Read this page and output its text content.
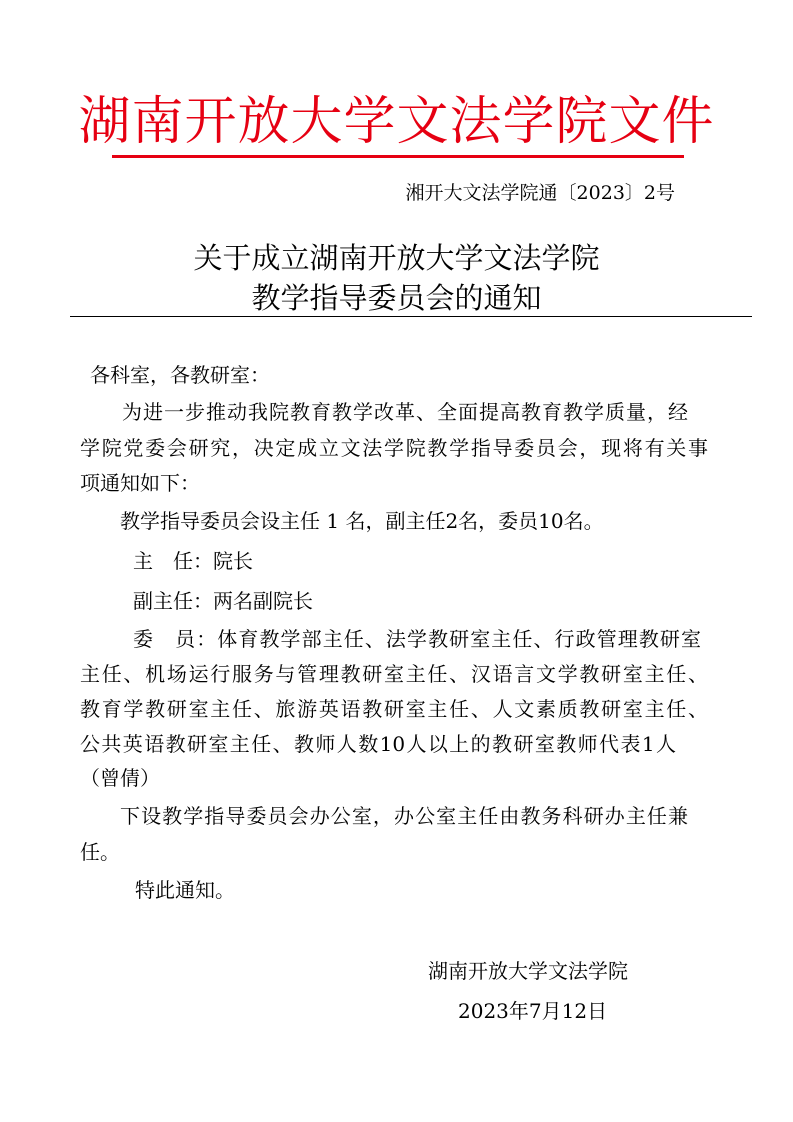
湖南开放大学文法学院文件
湘开大文法学院通〔2023〕2号
关于成立湖南开放大学文法学院
教学指导委员会的通知
各科室，各教研室：
为进一步推动我院教育教学改革、全面提高教育教学质量，经
学院党委会研究，决定成立文法学院教学指导委员会，现将有关事
项通知如下：
教学指导委员会设主任 1 名，副主任2名，委员10名。
主　任：院长
副主任：两名副院长
委　员：体育教学部主任、法学教研室主任、行政管理教研室
主任、机场运行服务与管理教研室主任、汉语言文学教研室主任、
教育学教研室主任、旅游英语教研室主任、人文素质教研室主任、
公共英语教研室主任、教师人数10人以上的教研室教师代表1人
（曾倩）
下设教学指导委员会办公室，办公室主任由教务科研办主任兼
任。
特此通知。
湖南开放大学文法学院
2023年7月12日
